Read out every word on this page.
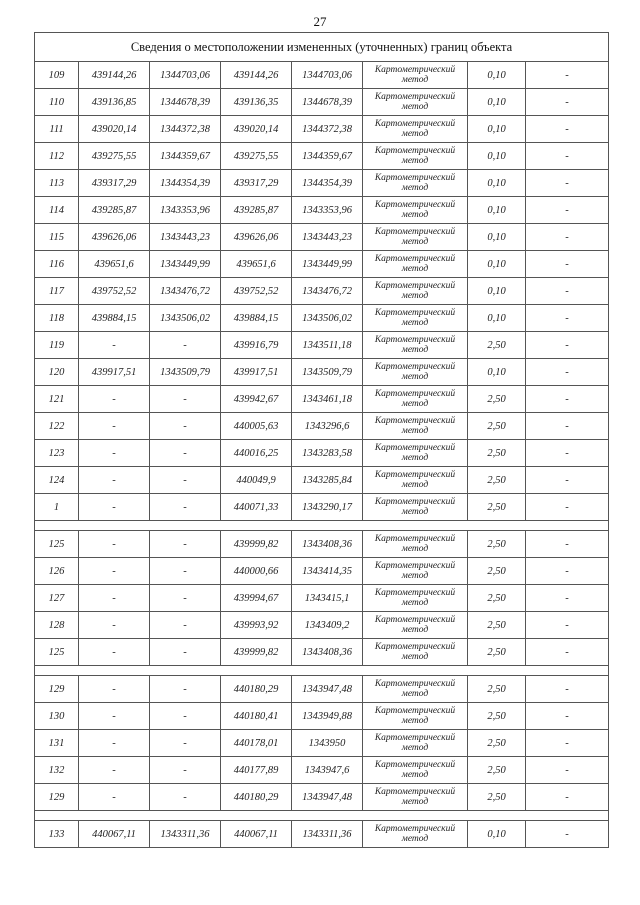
27
Сведения о местоположении измененных (уточненных) границ объекта							
109	439144,26	1344703,06	439144,26	1344703,06	Картометрический метод	0,10	-
110	439136,85	1344678,39	439136,35	1344678,39	Картометрический метод	0,10	-
111	439020,14	1344372,38	439020,14	1344372,38	Картометрический метод	0,10	-
112	439275,55	1344359,67	439275,55	1344359,67	Картометрический метод	0,10	-
113	439317,29	1344354,39	439317,29	1344354,39	Картометрический метод	0,10	-
114	439285,87	1343353,96	439285,87	1343353,96	Картометрический метод	0,10	-
115	439626,06	1343443,23	439626,06	1343443,23	Картометрический метод	0,10	-
116	439651,6	1343449,99	439651,6	1343449,99	Картометрический метод	0,10	-
117	439752,52	1343476,72	439752,52	1343476,72	Картометрический метод	0,10	-
118	439884,15	1343506,02	439884,15	1343506,02	Картометрический метод	0,10	-
119	-	-	439916,79	1343511,18	Картометрический метод	2,50	-
120	439917,51	1343509,79	439917,51	1343509,79	Картометрический метод	0,10	-
121	-	-	439942,67	1343461,18	Картометрический метод	2,50	-
122	-	-	440005,63	1343296,6	Картометрический метод	2,50	-
123	-	-	440016,25	1343283,58	Картометрический метод	2,50	-
124	-	-	440049,9	1343285,84	Картометрический метод	2,50	-
1	-	-	440071,33	1343290,17	Картометрический метод	2,50	-

125	-	-	439999,82	1343408,36	Картометрический метод	2,50	-
126	-	-	440000,66	1343414,35	Картометрический метод	2,50	-
127	-	-	439994,67	1343415,1	Картометрический метод	2,50	-
128	-	-	439993,92	1343409,2	Картометрический метод	2,50	-
125	-	-	439999,82	1343408,36	Картометрический метод	2,50	-

129	-	-	440180,29	1343947,48	Картометрический метод	2,50	-
130	-	-	440180,41	1343949,88	Картометрический метод	2,50	-
131	-	-	440178,01	1343950	Картометрический метод	2,50	-
132	-	-	440177,89	1343947,6	Картометрический метод	2,50	-
129	-	-	440180,29	1343947,48	Картометрический метод	2,50	-

133	440067,11	1343311,36	440067,11	1343311,36	Картометрический метод	0,10	-
